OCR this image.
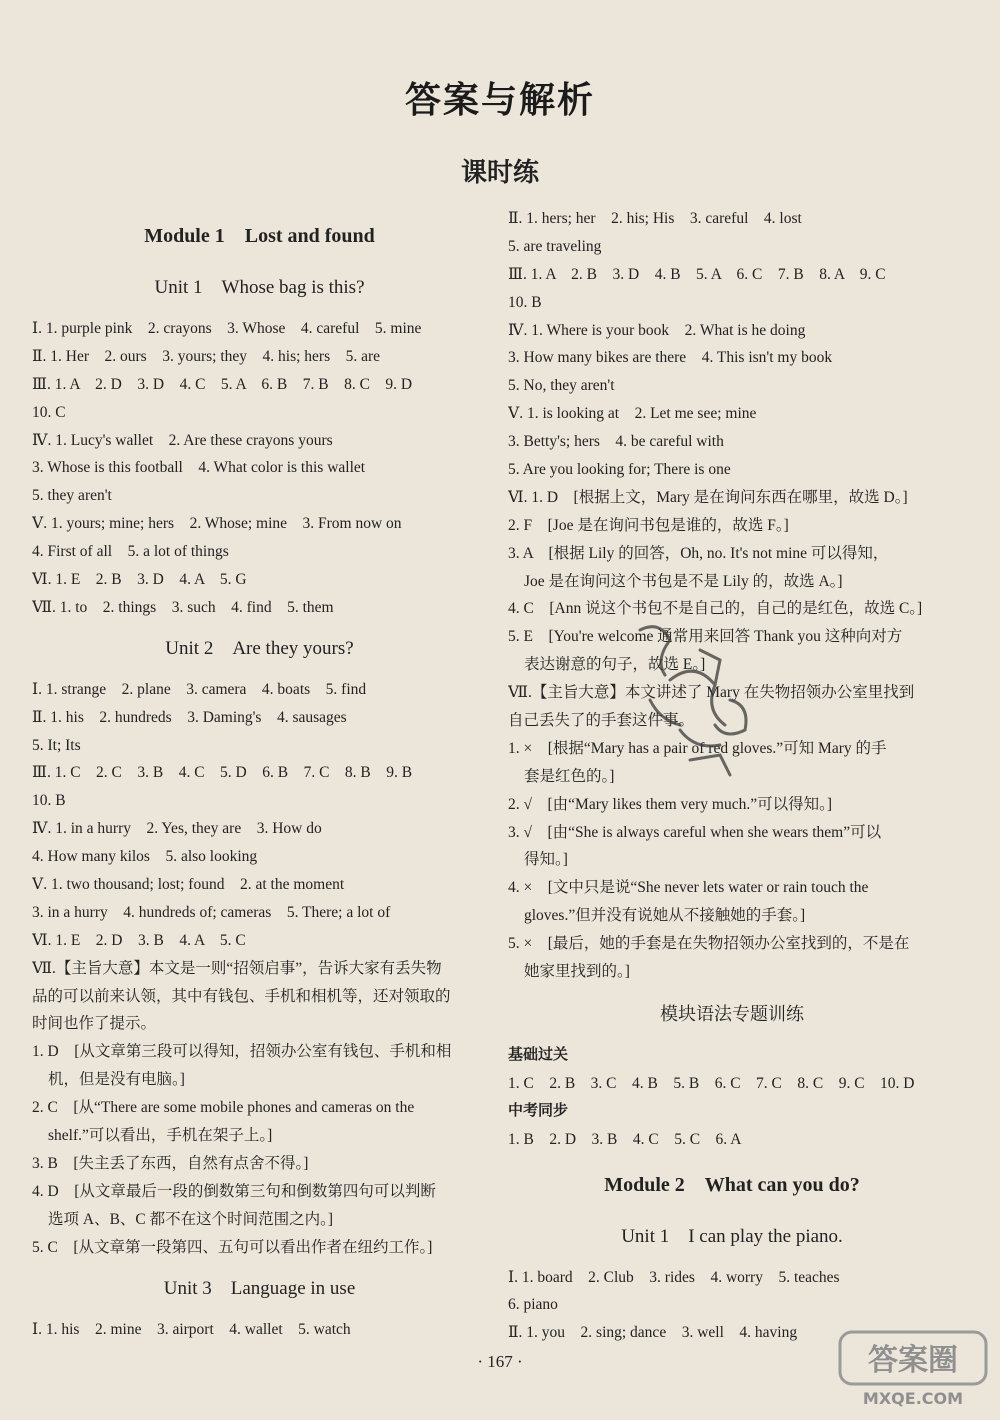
答案与解析
课时练
Module 1　Lost and found
Unit 1　Whose bag is this?
Ⅰ. 1. purple pink　2. crayons　3. Whose　4. careful　5. mine
Ⅱ. 1. Her　2. ours　3. yours; they　4. his; hers　5. are
Ⅲ. 1. A　2. D　3. D　4. C　5. A　6. B　7. B　8. C　9. D
10. C
Ⅳ. 1. Lucy's wallet　2. Are these crayons yours
3. Whose is this football　4. What color is this wallet
5. they aren't
Ⅴ. 1. yours; mine; hers　2. Whose; mine　3. From now on
4. First of all　5. a lot of things
Ⅵ. 1. E　2. B　3. D　4. A　5. G
Ⅶ. 1. to　2. things　3. such　4. find　5. them
Unit 2　Are they yours?
Ⅰ. 1. strange　2. plane　3. camera　4. boats　5. find
Ⅱ. 1. his　2. hundreds　3. Daming's　4. sausages
5. It; Its
Ⅲ. 1. C　2. C　3. B　4. C　5. D　6. B　7. C　8. B　9. B
10. B
Ⅳ. 1. in a hurry　2. Yes, they are　3. How do
4. How many kilos　5. also looking
Ⅴ. 1. two thousand; lost; found　2. at the moment
3. in a hurry　4. hundreds of; cameras　5. There; a lot of
Ⅵ. 1. E　2. D　3. B　4. A　5. C
Ⅶ.【主旨大意】本文是一则“招领启事”，告诉大家有丢失物
品的可以前来认领，其中有钱包、手机和相机等，还对领取的
时间也作了提示。
1. D　[从文章第三段可以得知，招领办公室有钱包、手机和相
机，但是没有电脑。]
2. C　[从“There are some mobile phones and cameras on the
shelf.”可以看出，手机在架子上。]
3. B　[失主丢了东西，自然有点舍不得。]
4. D　[从文章最后一段的倒数第三句和倒数第四句可以判断
选项 A、B、C 都不在这个时间范围之内。]
5. C　[从文章第一段第四、五句可以看出作者在纽约工作。]
Unit 3　Language in use
Ⅰ. 1. his　2. mine　3. airport　4. wallet　5. watch
Ⅱ. 1. hers; her　2. his; His　3. careful　4. lost
5. are traveling
Ⅲ. 1. A　2. B　3. D　4. B　5. A　6. C　7. B　8. A　9. C
10. B
Ⅳ. 1. Where is your book　2. What is he doing
3. How many bikes are there　4. This isn't my book
5. No, they aren't
Ⅴ. 1. is looking at　2. Let me see; mine
3. Betty's; hers　4. be careful with
5. Are you looking for; There is one
Ⅵ. 1. D　[根据上文，Mary 是在询问东西在哪里，故选 D。]
2. F　[Joe 是在询问书包是谁的，故选 F。]
3. A　[根据 Lily 的回答，Oh, no. It's not mine 可以得知，
Joe 是在询问这个书包是不是 Lily 的，故选 A。]
4. C　[Ann 说这个书包不是自己的，自己的是红色，故选 C。]
5. E　[You're welcome 通常用来回答 Thank you 这种向对方
表达谢意的句子，故选 E。]
Ⅶ.【主旨大意】本文讲述了 Mary 在失物招领办公室里找到
自己丢失了的手套这件事。
1. ×　[根据“Mary has a pair of red gloves.”可知 Mary 的手
套是红色的。]
2. √　[由“Mary likes them very much.”可以得知。]
3. √　[由“She is always careful when she wears them”可以
得知。]
4. ×　[文中只是说“She never lets water or rain touch the
gloves.”但并没有说她从不接触她的手套。]
5. ×　[最后，她的手套是在失物招领办公室找到的，不是在
她家里找到的。]
模块语法专题训练
基础过关
1. C　2. B　3. C　4. B　5. B　6. C　7. C　8. C　9. C　10. D
中考同步
1. B　2. D　3. B　4. C　5. C　6. A
Module 2　What can you do?
Unit 1　I can play the piano.
Ⅰ. 1. board　2. Club　3. rides　4. worry　5. teaches
6. piano
Ⅱ. 1. you　2. sing; dance　3. well　4. having
· 167 ·	答案圈
MXQE.COM
